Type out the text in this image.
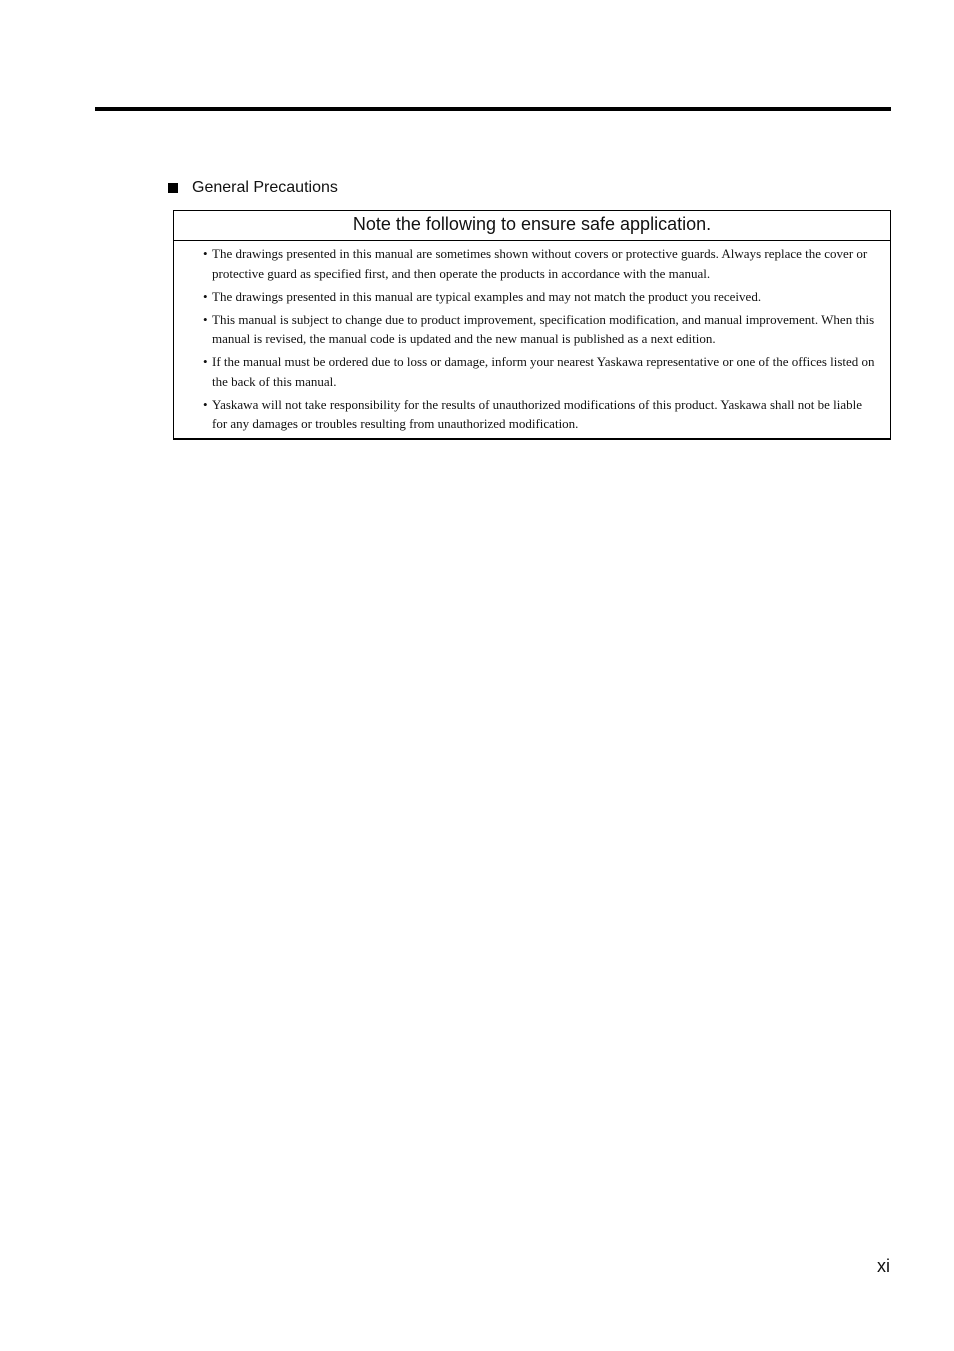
General Precautions
Note the following to ensure safe application.
• The drawings presented in this manual are sometimes shown without covers or protective guards. Always replace the cover or protective guard as specified first, and then operate the products in accordance with the manual.
• The drawings presented in this manual are typical examples and may not match the product you received.
• This manual is subject to change due to product improvement, specification modification, and manual improvement. When this manual is revised, the manual code is updated and the new manual is published as a next edition.
• If the manual must be ordered due to loss or damage, inform your nearest Yaskawa representative or one of the offices listed on the back of this manual.
• Yaskawa will not take responsibility for the results of unauthorized modifications of this product. Yaskawa shall not be liable for any damages or troubles resulting from unauthorized modification.
xi
